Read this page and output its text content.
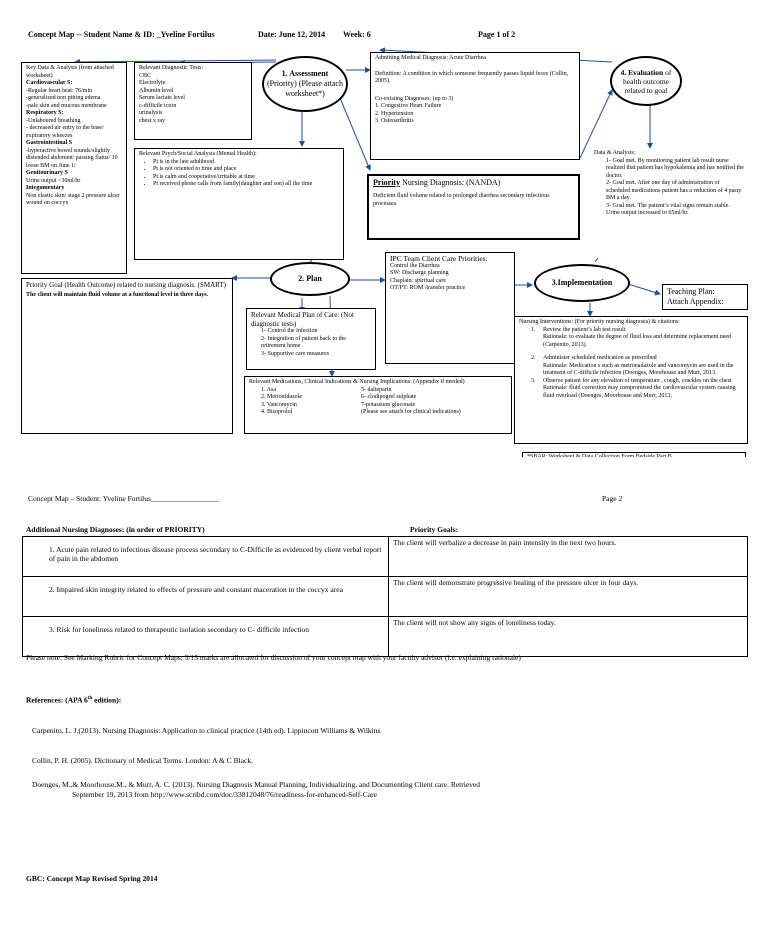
Concept Map -- Student Name & ID: _Yveline Fortilus	Date: June 12, 2014 Week: 6	Page 1 of 2
Key Data & Analysis (from attached worksheet)
Cardiovascular S:
-Regular heart beat: 76/min
-generalized non pitting edema
-pale skin and mucous membrane
Respiratory S:
-Unlaboured breathing
- decreased air entry to the base/ expiratory wheezes
Gastrointestinal S
-hyperactive bowel sounds/slightly distended abdomen/ passing flatus/ 10 loose BM on June 1/
Genitourinary S
Urine output <30ml/hr
Integumentary
Non elastic skin/ stage 2 pressure ulcer wound on coccyx
Relevant Diagnostic Tests:
CBC
Electrolyte
Albumin level
Serum lactate level
c-difficile toxin
urinalysis
chest x ray
1. Assessment
(Priority) (Please attach worksheet*)
Admitting Medical Diagnosis: Acute Diarrhea
Definition: A condition in which someone frequently passes liquid feces (Collin, 2005).
Co-existing Diagnoses: (up to 3)
1. Congestive Heart Failure
2. Hypertension
3. Osteoarthritis
4. Evaluation of health outcome related to goal
Relevant Psych/Social Analysis (Mental Health):
• Pt is in the late adulthood
• Pt is not oriented to time and place
• Pt is calm and cooperative/irritable at time
• Pt received phone calls from family(daughter and son) all the time	Priority Nursing Diagnosis: (NANDA)
Deficient fluid volume related to prolonged diarrhea secondary infectious processes.
Data & Analysis:
1- Goal met. By monitoring patient lab result nurse realized that patient has hypokalemia and has notified the doctor.
2- Goal met. After one day of administration of scheduled medications patient has a reduction of 4 pasty BM a day.
3- Goal met. The patient’s vital signs remain stable. Urine output increased to 65ml/hr.
2. Plan
IPC Team Client Care Priorities:
Control the Diarrhea
SW: Discharge planning
Chaplain: spiritual care
OT/PT: ROM /transfer practice
3.Implementation
Teaching Plan:
Attach Appendix:
Priority Goal (Health Outcome) related to nursing diagnosis. (SMART)
The client will maintain fluid volume at a functional level in three days.
Relevant Medical Plan of Care: (Not diagnostic tests)
1- Control the infection
2- Integration of patient back to the retirement home
3- Supportive care measures
Nursing Interventions: (For priority nursing diagnosis) & citations:
1.	Review the patient’s lab test result
Rationale: to evaluate the degree of fluid loss and determine replacement need (Carpenito, 2013).
2.	Administer scheduled medication as prescribed
Rationale: Medication s such as metronadazole and vancomycin are used in the treatment of C-difficile infection (Doenges, Moorhouse and Murr, 2013.
3.	Observe patient for any elevation of temperature , cough, crackles on the chest
Rationale: fluid correction may compromised the cardiovascular system causing fluid overload (Doenges, Moorhouse and Murr, 2013,
*SBAR: Worksheet & Data Collection Form Bedside Part B
Relevant Medications, Clinical Indications & Nursing Implications: (Appendix if needed)
1. Asa
2. Metronidazole
3. Vancomycin
4. Bisoprolol
5- dalteparin
6- clodipogrel sulphate
7-potassium gluconate
(Please see attach for clinical indications)
Concept Map – Student: Yveline Fortilus__________________	Page 2
Additional Nursing Diagnoses: (in order of PRIORITY)	Priority Goals:
1. Acute pain related to infectious disease process secondary to C-Difficile as evidenced by client verbal report of pain in the abdomen	The client will verbalize a decrease in pain intensity in the next two hours.
2. Impaired skin integrity related to effects of pressure and constant maceration in the coccyx area	The client will demonstrate progressive healing of the pressure ulcer in four days.
3. Risk for loneliness related to therapeutic isolation secondary to C- difficile infection	The client will not show any signs of loneliness today.
Please note: See Marking Rubric for Concept Maps; 3/15 marks are allocated for discussion of your concept map with your faculty advisor (i.e. explaining rationale)
References: (APA 6th edition):
Carpenito, L. J.(2013). Nursing Diagnosis: Application to clinical practice (14th ed). Lippincott Williams & Wilkins
Collin, P. H. (2005). Dictionary of Medical Terms. London: A & C Black.
Doenges, M.,& Moorhouse,M., & Murr, A. C. (2013). Nursing Diagnosis Manual Planning, Individualizing, and Documenting Client care. Retrieved
September 19, 2013 from http://www.scribd.com/doc/33812048/76/readiness-for-enhanced-Self-Care
GBC: Concept Map Revised Spring 2014
